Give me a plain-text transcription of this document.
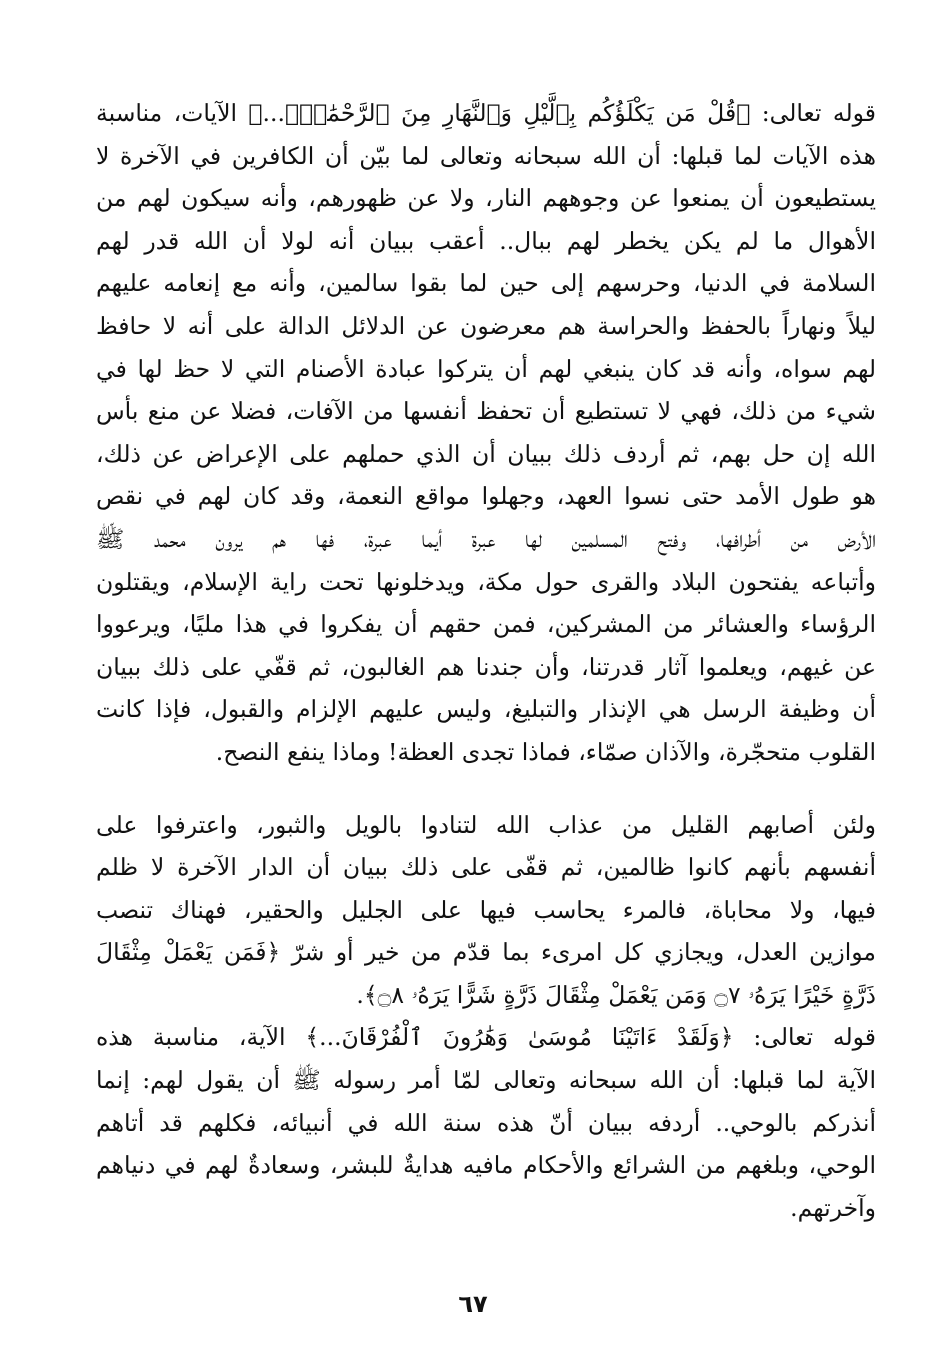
قوله تعالى: ﴿قُلْ مَن يَكْلَؤُكُم بِٱلَّيْلِ وَٱلنَّهَارِ مِنَ ٱلرَّحْمَٰنِۚ...﴾ الآيات، مناسبة
هذه الآيات لما قبلها: أن الله سبحانه وتعالى لما بيّن أن الكافرين في الآخرة لا
يستطيعون أن يمنعوا عن وجوههم النار، ولا عن ظهورهم، وأنه سيكون لهم من
الأهوال ما لم يكن يخطر لهم ببال.. أعقب ببيان أنه لولا أن الله قدر لهم
السلامة في الدنيا، وحرسهم إلى حين لما بقوا سالمين، وأنه مع إنعامه عليهم
ليلاً ونهاراً بالحفظ والحراسة هم معرضون عن الدلائل الدالة على أنه لا حافظ
لهم سواه، وأنه قد كان ينبغي لهم أن يتركوا عبادة الأصنام التي لا حظ لها في
شيء من ذلك، فهي لا تستطيع أن تحفظ أنفسها من الآفات، فضلا عن منع بأس
الله إن حل بهم، ثم أردف ذلك ببيان أن الذي حملهم على الإعراض عن ذلك،
هو طول الأمد حتى نسوا العهد، وجهلوا مواقع النعمة، وقد كان لهم في نقص
الأرض من أطرافها، وفتح المسلمين لها عبرة أيما عبرة، فها هم يرون محمد ﷺ
وأتباعه يفتحون البلاد والقرى حول مكة، ويدخلونها تحت راية الإسلام، ويقتلون
الرؤساء والعشائر من المشركين، فمن حقهم أن يفكروا في هذا مليًا، ويرعووا
عن غيهم، ويعلموا آثار قدرتنا، وأن جندنا هم الغالبون، ثم قفّي على ذلك ببيان
أن وظيفة الرسل هي الإنذار والتبليغ، وليس عليهم الإلزام والقبول، فإذا كانت
القلوب متحجّرة، والآذان صمّاء، فماذا تجدى العظة! وماذا ينفع النصح.
ولئن أصابهم القليل من عذاب الله لتنادوا بالويل والثبور، واعترفوا على
أنفسهم بأنهم كانوا ظالمين، ثم قفّى على ذلك ببيان أن الدار الآخرة لا ظلم
فيها، ولا محاباة، فالمرء يحاسب فيها على الجليل والحقير، فهناك تنصب
موازين العدل، ويجازي كل امرىء بما قدّم من خير أو شرّ ﴿فَمَن يَعْمَلْ مِثْقَالَ
ذَرَّةٍ خَيْرًا يَرَهُۥ ۝٧ وَمَن يَعْمَلْ مِثْقَالَ ذَرَّةٍ شَرًّا يَرَهُۥ ۝٨﴾.
قوله تعالى: ﴿وَلَقَدْ ءَاتَيْنَا مُوسَىٰ وَهَٰرُونَ ٱلْفُرْقَانَ...﴾ الآية، مناسبة هذه
الآية لما قبلها: أن الله سبحانه وتعالى لمّا أمر رسوله ﷺ أن يقول لهم: إنما
أنذركم بالوحي.. أردفه ببيان أنّ هذه سنة الله في أنبيائه، فكلهم قد أتاهم
الوحي، وبلغهم من الشرائع والأحكام مافيه هدايةٌ للبشر، وسعادةٌ لهم في دنياهم
وآخرتهم.
٦٧
